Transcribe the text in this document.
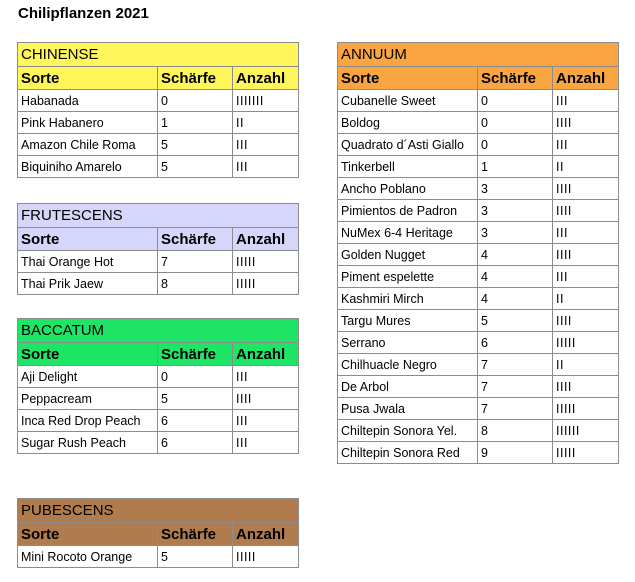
Chilipflanzen 2021
CHINENSE		
Sorte	Schärfe	Anzahl
Habanada	0	IIIIIII
Pink Habanero	1	II
Amazon Chile Roma	5	III
Biquiniho Amarelo	5	III
FRUTESCENS		
Sorte	Schärfe	Anzahl
Thai Orange Hot	7	IIIII
Thai Prik Jaew	8	IIIII
BACCATUM		
Sorte	Schärfe	Anzahl
Aji Delight	0	III
Peppacream	5	IIII
Inca Red Drop Peach	6	III
Sugar Rush Peach	6	III
PUBESCENS		
Sorte	Schärfe	Anzahl
Mini Rocoto Orange	5	IIIII
ANNUUM		
Sorte	Schärfe	Anzahl
Cubanelle Sweet	0	III
Boldog	0	IIII
Quadrato d´Asti Giallo	0	III
Tinkerbell	1	II
Ancho Poblano	3	IIII
Pimientos de Padron	3	IIII
NuMex 6-4 Heritage	3	III
Golden Nugget	4	IIII
Piment espelette	4	III
Kashmiri Mirch	4	II
Targu Mures	5	IIII
Serrano	6	IIIII
Chilhuacle Negro	7	II
De Arbol	7	IIII
Pusa Jwala	7	IIIII
Chiltepin Sonora Yel.	8	IIIIII
Chiltepin Sonora Red	9	IIIII
